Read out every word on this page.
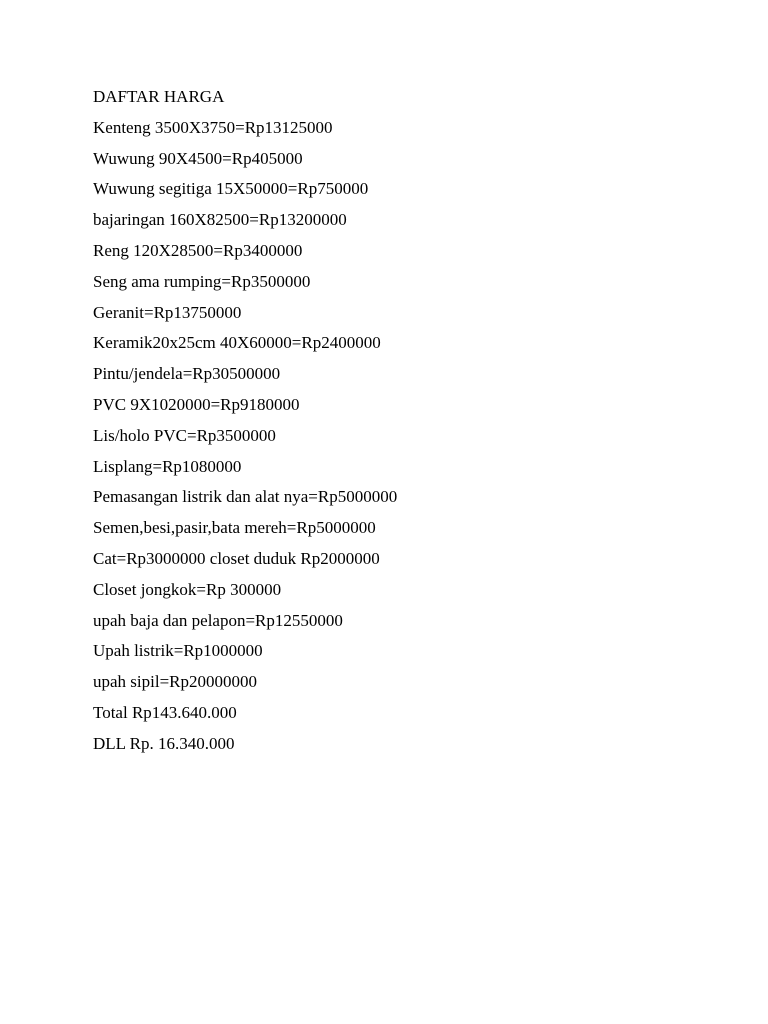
DAFTAR HARGA
Kenteng 3500X3750=Rp13125000
Wuwung 90X4500=Rp405000
Wuwung segitiga 15X50000=Rp750000
bajaringan 160X82500=Rp13200000
Reng 120X28500=Rp3400000
Seng ama rumping=Rp3500000
Geranit=Rp13750000
Keramik20x25cm 40X60000=Rp2400000
Pintu/jendela=Rp30500000
PVC 9X1020000=Rp9180000
Lis/holo PVC=Rp3500000
Lisplang=Rp1080000
Pemasangan listrik dan alat nya=Rp5000000
Semen,besi,pasir,bata mereh=Rp5000000
Cat=Rp3000000 closet duduk Rp2000000
Closet jongkok=Rp 300000
upah baja dan pelapon=Rp12550000
Upah listrik=Rp1000000
upah sipil=Rp20000000
Total Rp143.640.000
DLL Rp. 16.340.000
